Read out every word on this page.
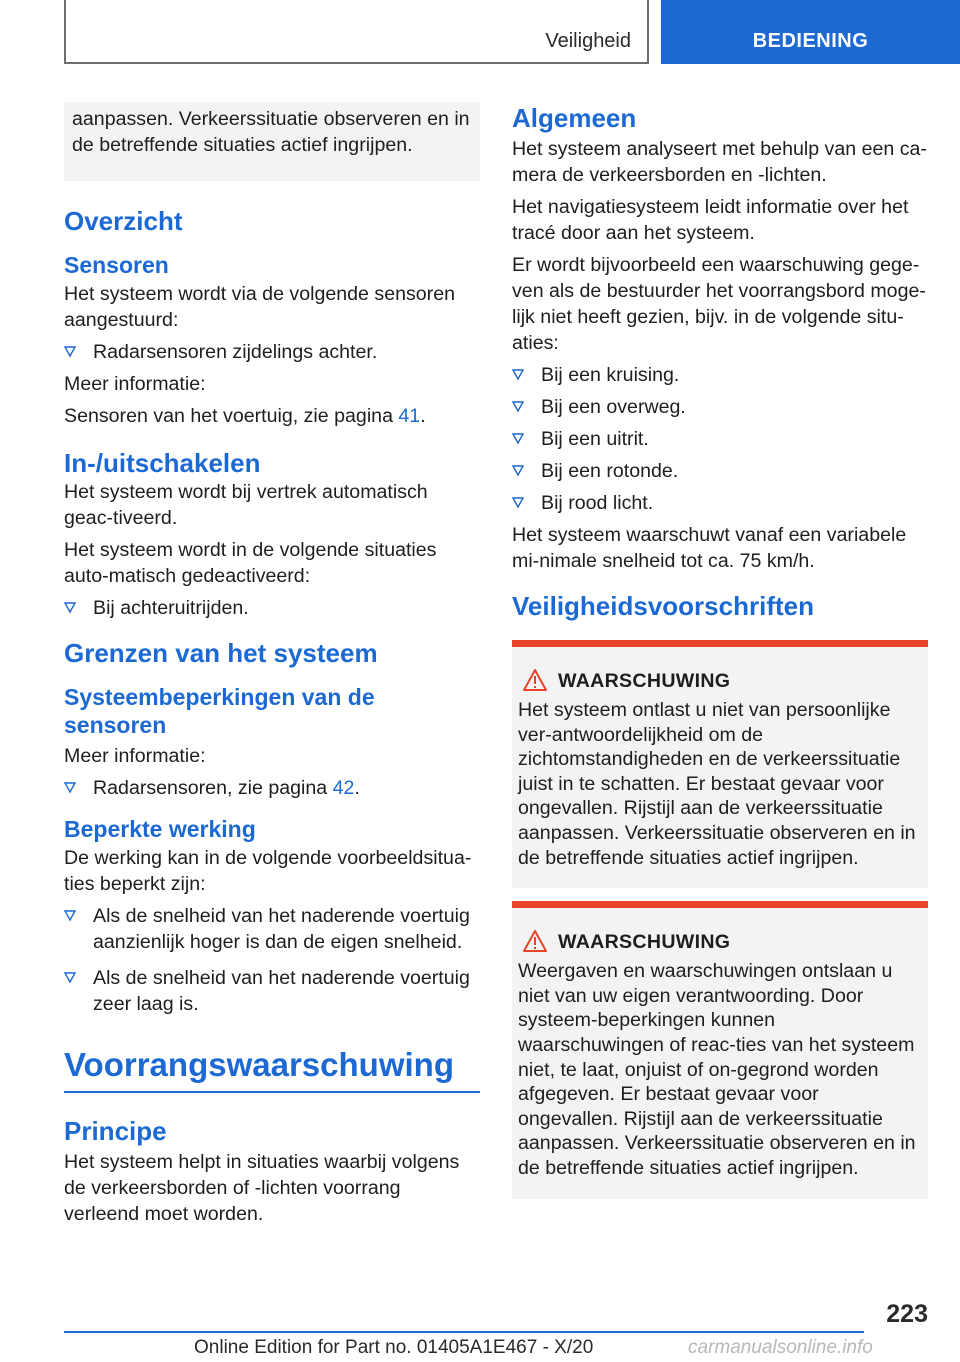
Veiligheid	BEDIENING

aanpassen. Verkeerssituatie observeren en in de betreffende situaties actief ingrijpen.

Overzicht
Sensoren

Het systeem wordt via de volgende sensoren aangestuurd:

Radarsensoren zijdelings achter.

Meer informatie:

Sensoren van het voertuig, zie pagina 41.

In-/uitschakelen

Het systeem wordt bij vertrek automatisch geac‐tiveerd.

Het systeem wordt in de volgende situaties auto‐matisch gedeactiveerd:

Bij achteruitrijden.
Grenzen van het systeem
Systeembeperkingen van de sensoren

Meer informatie:

Radarsensoren, zie pagina 42.
Beperkte werking

De werking kan in de volgende voorbeeldsitua‐ties beperkt zijn:

Als de snelheid van het naderende voertuig aanzienlijk hoger is dan de eigen snelheid.
Als de snelheid van het naderende voertuig zeer laag is.
Voorrangswaarschuwing
Principe

Het systeem helpt in situaties waarbij volgens de verkeersborden of -lichten voorrang verleend moet worden.

Algemeen

Het systeem analyseert met behulp van een ca‐mera de verkeersborden en -lichten.

Het navigatiesysteem leidt informatie over het tracé door aan het systeem.

Er wordt bijvoorbeeld een waarschuwing gege‐ven als de bestuurder het voorrangsbord moge‐lijk niet heeft gezien, bijv. in de volgende situ‐aties:

Bij een kruising.
Bij een overweg.
Bij een uitrit.
Bij een rotonde.
Bij rood licht.

Het systeem waarschuwt vanaf een variabele mi‐nimale snelheid tot ca. 75 km/h.

Veiligheidsvoorschriften
WAARSCHUWING

Het systeem ontlast u niet van persoonlijke ver‐antwoordelijkheid om de zichtomstandigheden en de verkeerssituatie juist in te schatten. Er bestaat gevaar voor ongevallen. Rijstijl aan de verkeerssituatie aanpassen. Verkeerssituatie observeren en in de betreffende situaties actief ingrijpen.

WAARSCHUWING

Weergaven en waarschuwingen ontslaan u niet van uw eigen verantwoording. Door systeem‐beperkingen kunnen waarschuwingen of reac‐ties van het systeem niet, te laat, onjuist of on‐gegrond worden afgegeven. Er bestaat gevaar voor ongevallen. Rijstijl aan de verkeerssituatie aanpassen. Verkeerssituatie observeren en in de betreffende situaties actief ingrijpen.

223
Online Edition for Part no. 01405A1E467 - X/20	carmanualsonline.info
